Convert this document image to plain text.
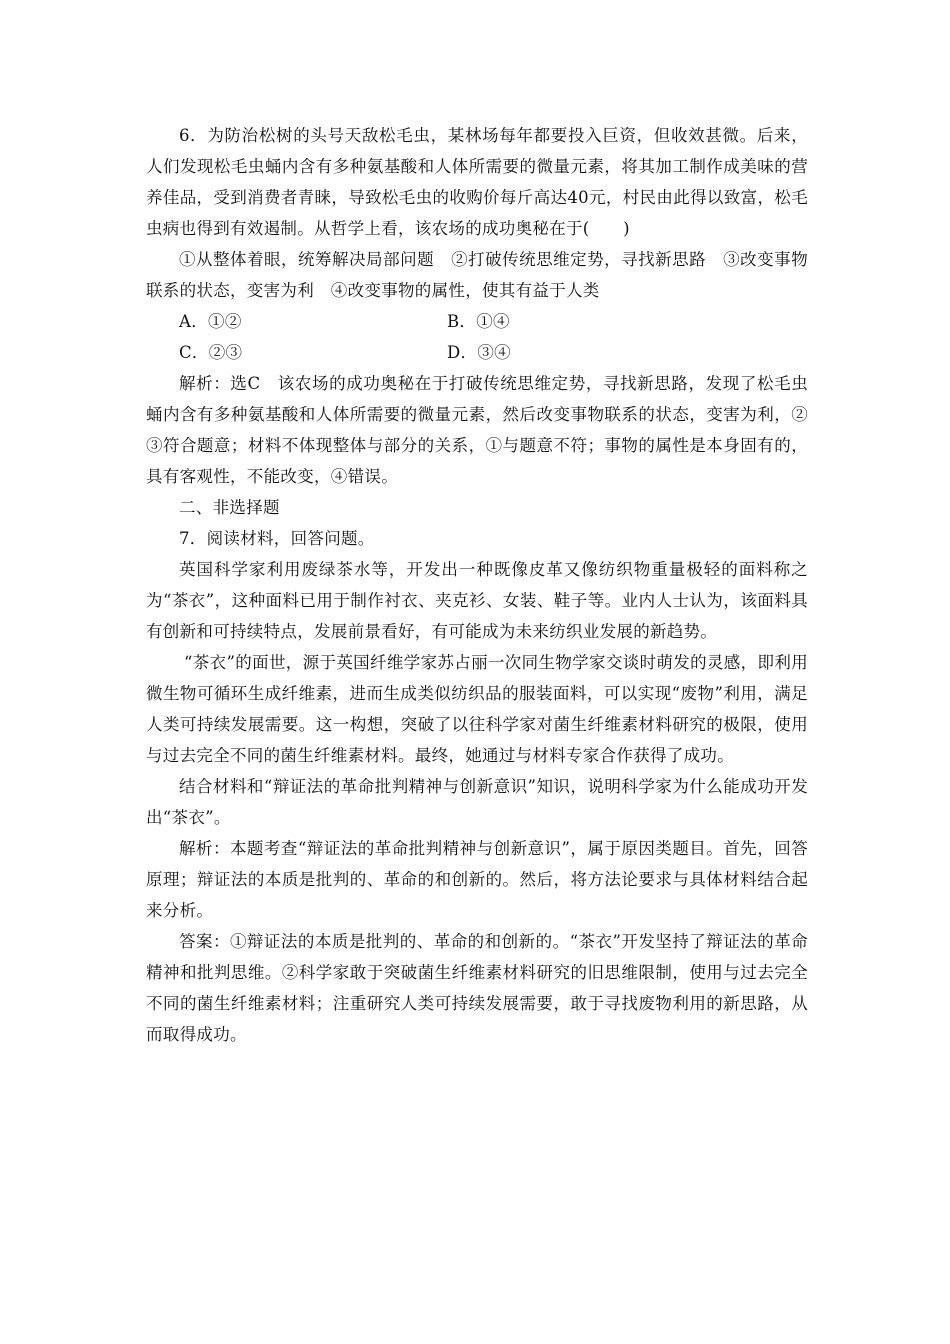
6．为防治松树的头号天敌松毛虫，某林场每年都要投入巨资，但收效甚微。后来，人们发现松毛虫蛹内含有多种氨基酸和人体所需要的微量元素，将其加工制作成美味的营养佳品，受到消费者青睐，导致松毛虫的收购价每斤高达40元，村民由此得以致富，松毛虫病也得到有效遏制。从哲学上看，该农场的成功奥秘在于(　　)

①从整体着眼，统筹解决局部问题　②打破传统思维定势，寻找新思路　③改变事物联系的状态，变害为利　④改变事物的属性，使其有益于人类

A．①②	B．①④

C．②③	D．③④

解析：选C　该农场的成功奥秘在于打破传统思维定势，寻找新思路，发现了松毛虫蛹内含有多种氨基酸和人体所需要的微量元素，然后改变事物联系的状态，变害为利，②③符合题意；材料不体现整体与部分的关系，①与题意不符；事物的属性是本身固有的，具有客观性，不能改变，④错误。

二、非选择题

7．阅读材料，回答问题。

英国科学家利用废绿茶水等，开发出一种既像皮革又像纺织物重量极轻的面料称之为“茶衣”，这种面料已用于制作衬衣、夹克衫、女装、鞋子等。业内人士认为，该面料具有创新和可持续特点，发展前景看好，有可能成为未来纺织业发展的新趋势。

“茶衣”的面世，源于英国纤维学家苏占丽一次同生物学家交谈时萌发的灵感，即利用微生物可循环生成纤维素，进而生成类似纺织品的服装面料，可以实现“废物”利用，满足人类可持续发展需要。这一构想，突破了以往科学家对菌生纤维素材料研究的极限，使用与过去完全不同的菌生纤维素材料。最终，她通过与材料专家合作获得了成功。

结合材料和“辩证法的革命批判精神与创新意识”知识，说明科学家为什么能成功开发出“茶衣”。

解析：本题考查“辩证法的革命批判精神与创新意识”，属于原因类题目。首先，回答原理；辩证法的本质是批判的、革命的和创新的。然后，将方法论要求与具体材料结合起来分析。

答案：①辩证法的本质是批判的、革命的和创新的。“茶衣”开发坚持了辩证法的革命精神和批判思维。②科学家敢于突破菌生纤维素材料研究的旧思维限制，使用与过去完全不同的菌生纤维素材料；注重研究人类可持续发展需要，敢于寻找废物利用的新思路，从而取得成功。
